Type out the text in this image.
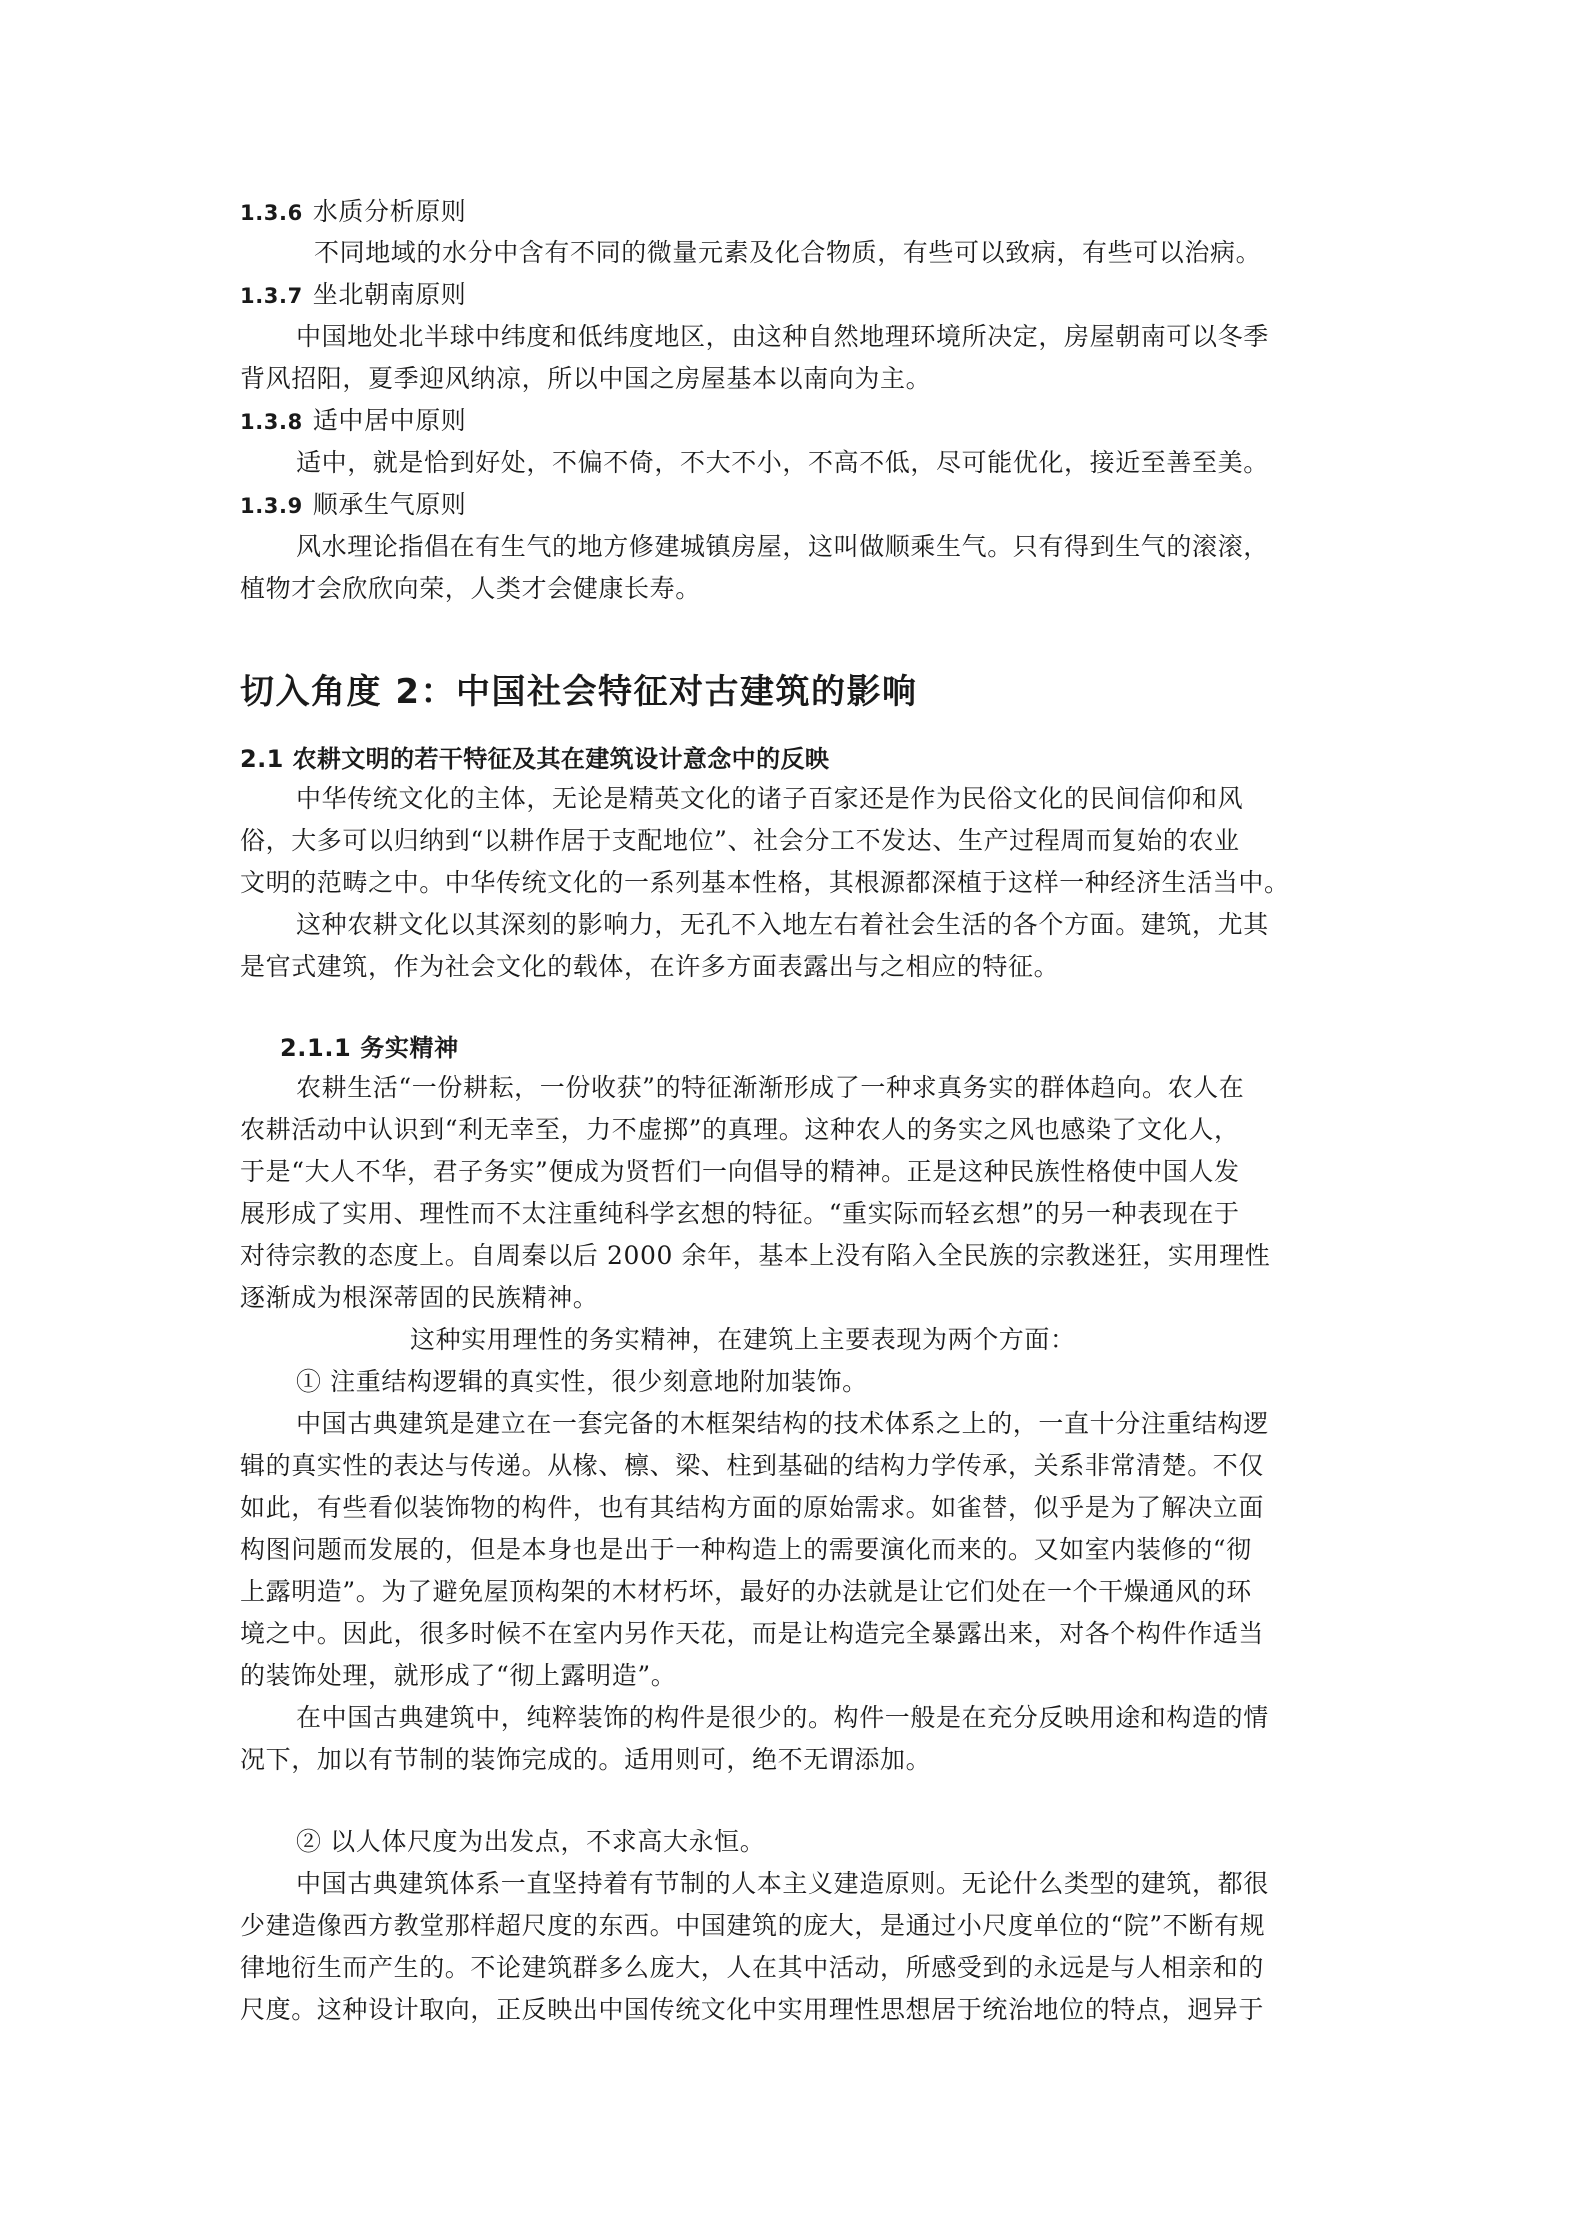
1.3.6 水质分析原则
不同地域的水分中含有不同的微量元素及化合物质，有些可以致病，有些可以治病。
1.3.7 坐北朝南原则
中国地处北半球中纬度和低纬度地区，由这种自然地理环境所决定，房屋朝南可以冬季
背风招阳，夏季迎风纳凉，所以中国之房屋基本以南向为主。
1.3.8 适中居中原则
适中，就是恰到好处，不偏不倚，不大不小，不高不低，尽可能优化，接近至善至美。
1.3.9 顺承生气原则
风水理论指倡在有生气的地方修建城镇房屋，这叫做顺乘生气。只有得到生气的滚滚，
植物才会欣欣向荣，人类才会健康长寿。
切入角度 2：中国社会特征对古建筑的影响
2.1 农耕文明的若干特征及其在建筑设计意念中的反映
中华传统文化的主体，无论是精英文化的诸子百家还是作为民俗文化的民间信仰和风
俗，大多可以归纳到“以耕作居于支配地位”、社会分工不发达、生产过程周而复始的农业
文明的范畴之中。中华传统文化的一系列基本性格，其根源都深植于这样一种经济生活当中。
这种农耕文化以其深刻的影响力，无孔不入地左右着社会生活的各个方面。建筑，尤其
是官式建筑，作为社会文化的载体，在许多方面表露出与之相应的特征。
2.1.1 务实精神
农耕生活“一份耕耘，一份收获”的特征渐渐形成了一种求真务实的群体趋向。农人在
农耕活动中认识到“利无幸至，力不虚掷”的真理。这种农人的务实之风也感染了文化人，
于是“大人不华，君子务实”便成为贤哲们一向倡导的精神。正是这种民族性格使中国人发
展形成了实用、理性而不太注重纯科学玄想的特征。“重实际而轻玄想”的另一种表现在于
对待宗教的态度上。自周秦以后 2000 余年，基本上没有陷入全民族的宗教迷狂，实用理性
逐渐成为根深蒂固的民族精神。
这种实用理性的务实精神，在建筑上主要表现为两个方面：
① 注重结构逻辑的真实性，很少刻意地附加装饰。
中国古典建筑是建立在一套完备的木框架结构的技术体系之上的，一直十分注重结构逻
辑的真实性的表达与传递。从椽、檩、梁、柱到基础的结构力学传承，关系非常清楚。不仅
如此，有些看似装饰物的构件，也有其结构方面的原始需求。如雀替，似乎是为了解决立面
构图问题而发展的，但是本身也是出于一种构造上的需要演化而来的。又如室内装修的“彻
上露明造”。为了避免屋顶构架的木材朽坏，最好的办法就是让它们处在一个干燥通风的环
境之中。因此，很多时候不在室内另作天花，而是让构造完全暴露出来，对各个构件作适当
的装饰处理，就形成了“彻上露明造”。
在中国古典建筑中，纯粹装饰的构件是很少的。构件一般是在充分反映用途和构造的情
况下，加以有节制的装饰完成的。适用则可，绝不无谓添加。
② 以人体尺度为出发点，不求高大永恒。
中国古典建筑体系一直坚持着有节制的人本主义建造原则。无论什么类型的建筑，都很
少建造像西方教堂那样超尺度的东西。中国建筑的庞大，是通过小尺度单位的“院”不断有规
律地衍生而产生的。不论建筑群多么庞大，人在其中活动，所感受到的永远是与人相亲和的
尺度。这种设计取向，正反映出中国传统文化中实用理性思想居于统治地位的特点，迥异于
